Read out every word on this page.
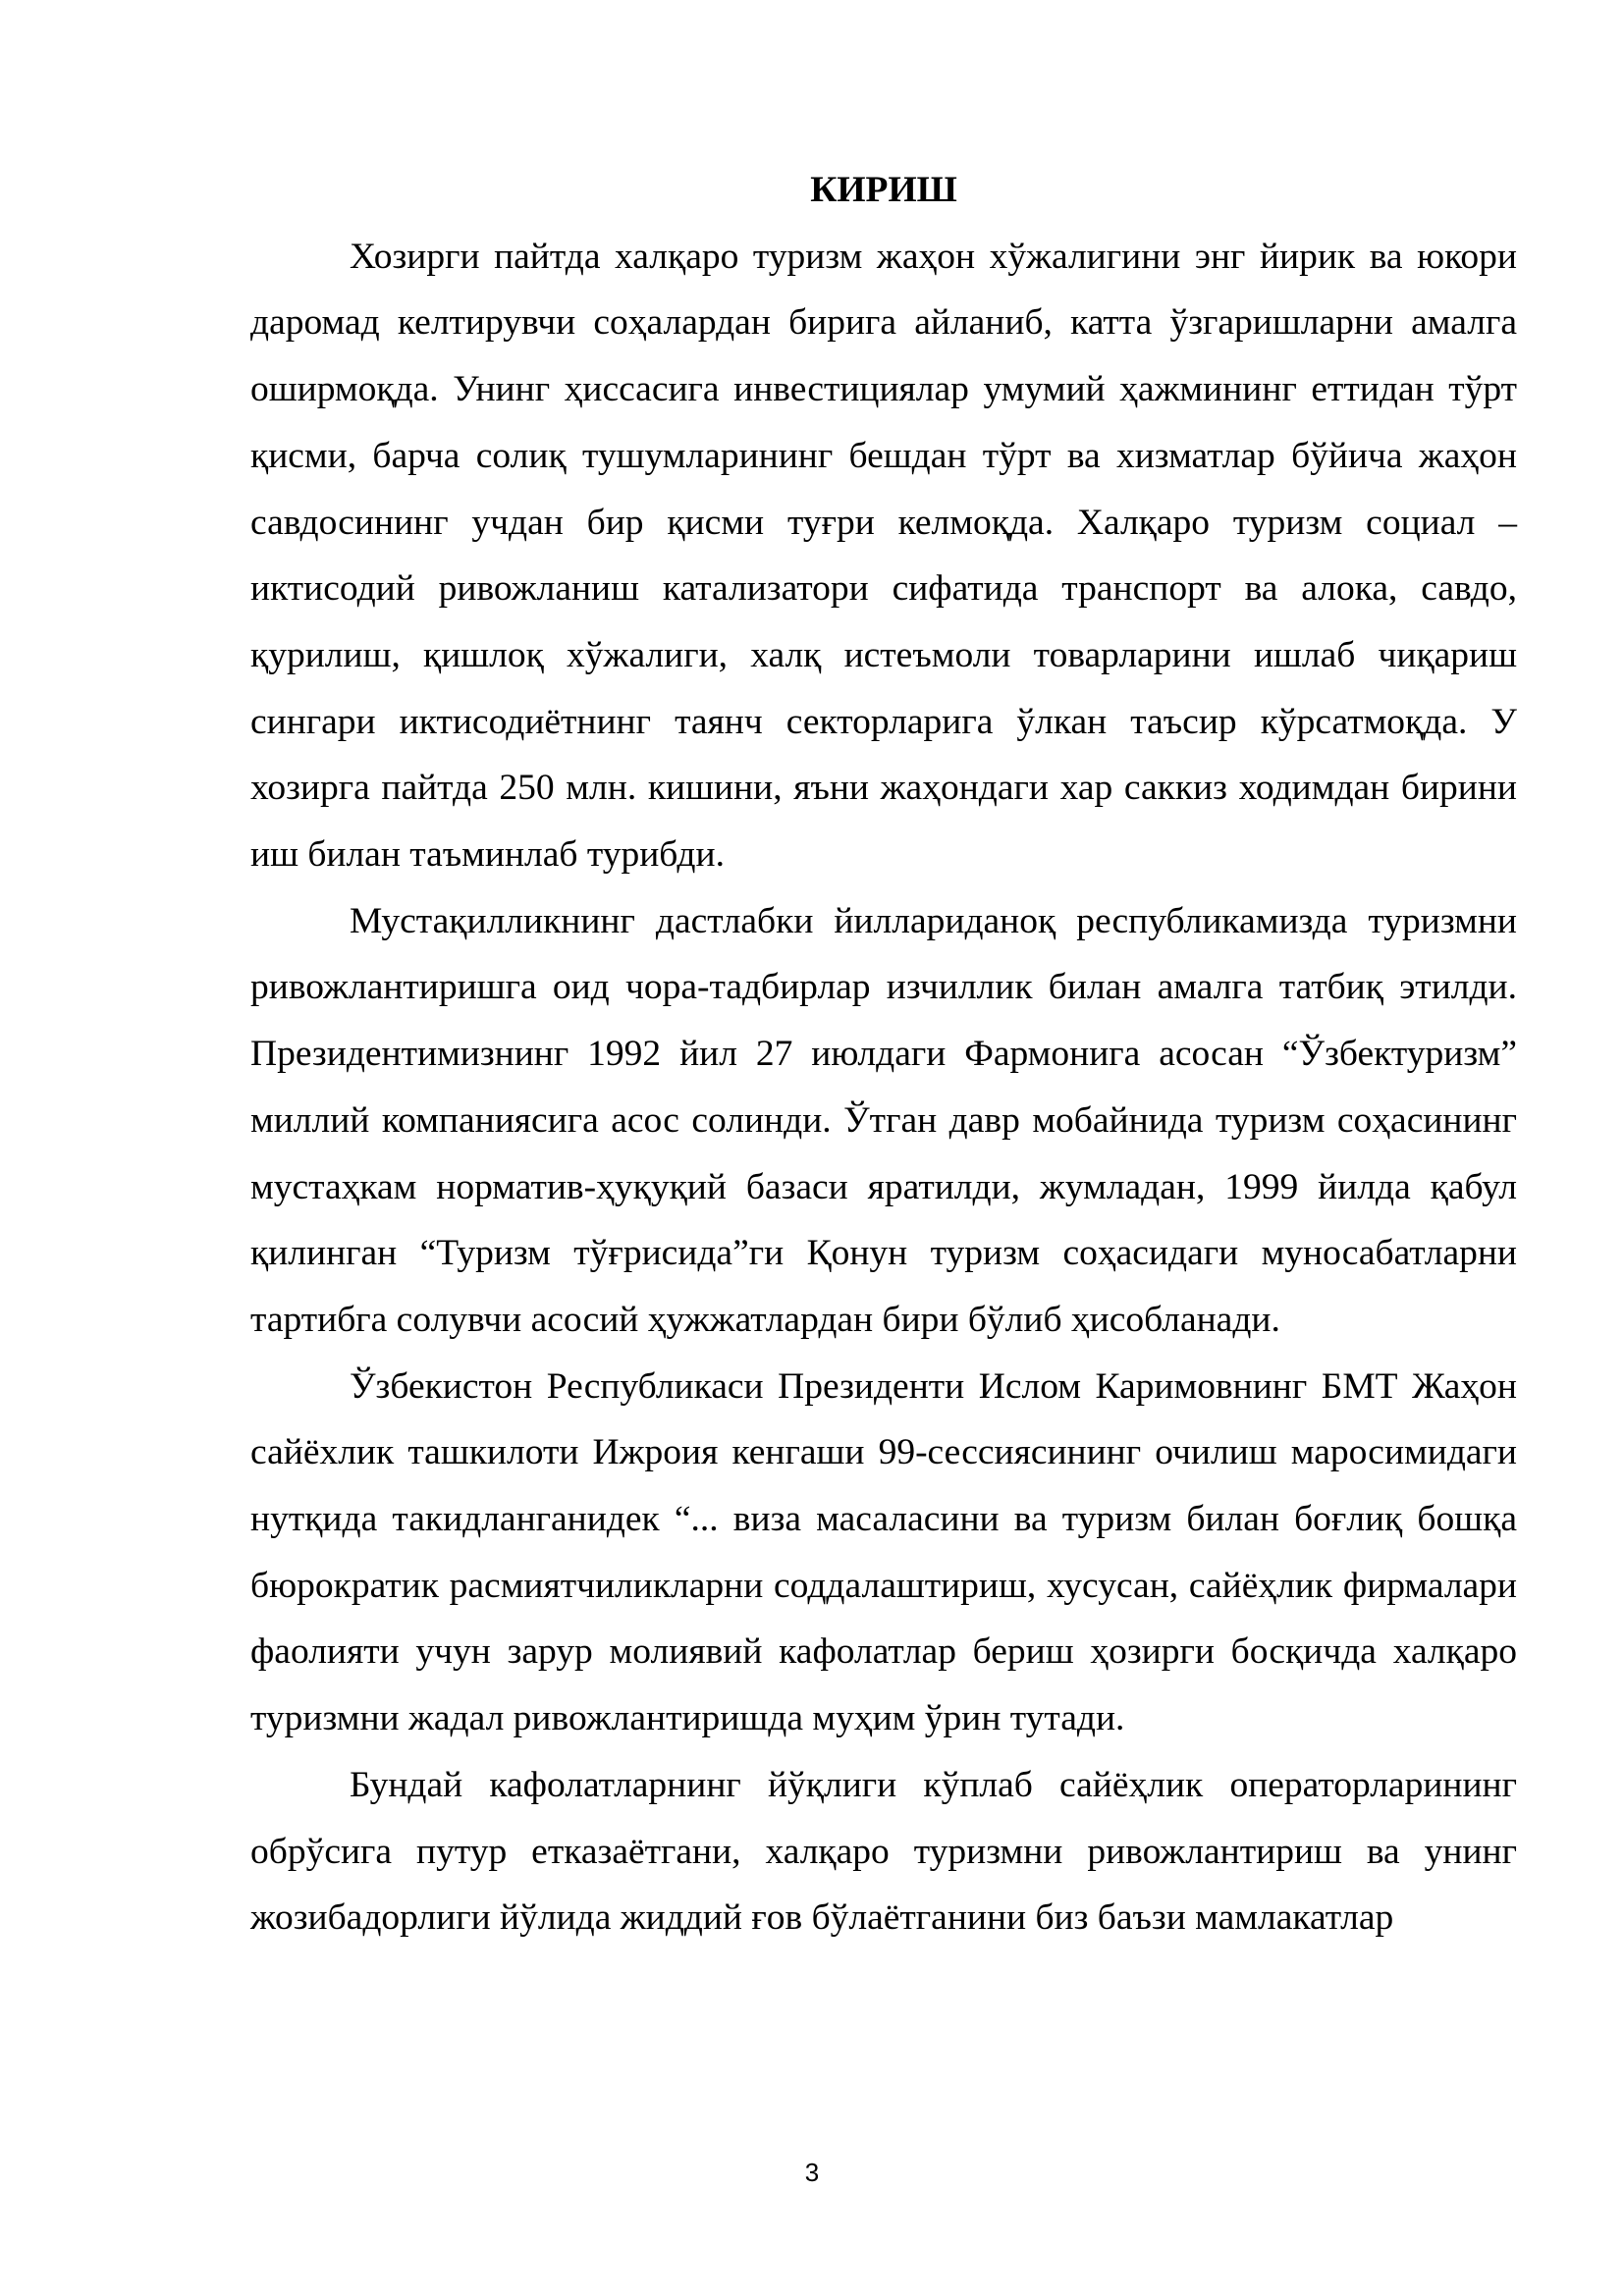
КИРИШ

Хозирги пайтда халқаро туризм жаҳон хўжалигини энг йирик ва юкори даромад келтирувчи соҳалардан бирига айланиб, катта ўзгаришларни амалга оширмоқда. Унинг ҳиссасига инвестициялар умумий ҳажмининг еттидан тўрт қисми, барча солиқ тушумларининг бешдан тўрт ва хизматлар бўйича жаҳон савдосининг учдан бир қисми туғри келмоқда. Халқаро туризм социал – иктисодий ривожланиш катализатори сифатида транспорт ва алока, савдо, қурилиш, қишлоқ хўжалиги, халқ истеъмоли товарларини ишлаб чиқариш сингари иктисодиётнинг таянч секторларига ўлкан таъсир кўрсатмоқда. У хозирга пайтда 250 млн. кишини, яъни жаҳондаги хар саккиз ходимдан бирини иш билан таъминлаб турибди.

Мустақилликнинг дастлабки йиллариданоқ республикамизда туризмни ривожлантиришга оид чора-тадбирлар изчиллик билан амалга татбиқ этилди. Президентимизнинг 1992 йил 27 июлдаги Фармонига асосан “Ўзбектуризм” миллий компаниясига асос солинди. Ўтган давр мобайнида туризм соҳасининг мустаҳкам норматив-ҳуқуқий базаси яратилди, жумладан, 1999 йилда қабул қилинган “Туризм тўғрисида”ги Қонун туризм соҳасидаги муносабатларни тартибга солувчи асосий ҳужжатлардан бири бўлиб ҳисобланади.

Ўзбекистон Республикаси Президенти Ислом Каримовнинг БМТ Жаҳон сайёхлик ташкилоти Ижроия кенгаши 99-сессиясининг очилиш маросимидаги нутқида такидланганидек “... виза масаласини ва туризм билан боғлиқ бошқа бюрократик расмиятчиликларни соддалаштириш, хусусан, сайёҳлик фирмалари фаолияти учун зарур молиявий кафолатлар бериш ҳозирги босқичда халқаро туризмни жадал ривожлантиришда муҳим ўрин тутади.

Бундай кафолатларнинг йўқлиги кўплаб сайёҳлик операторларининг обрўсига путур етказаётгани, халқаро туризмни ривожлантириш ва унинг жозибадорлиги йўлида жиддий ғов бўлаётганини биз баъзи мамлакатлар

3
